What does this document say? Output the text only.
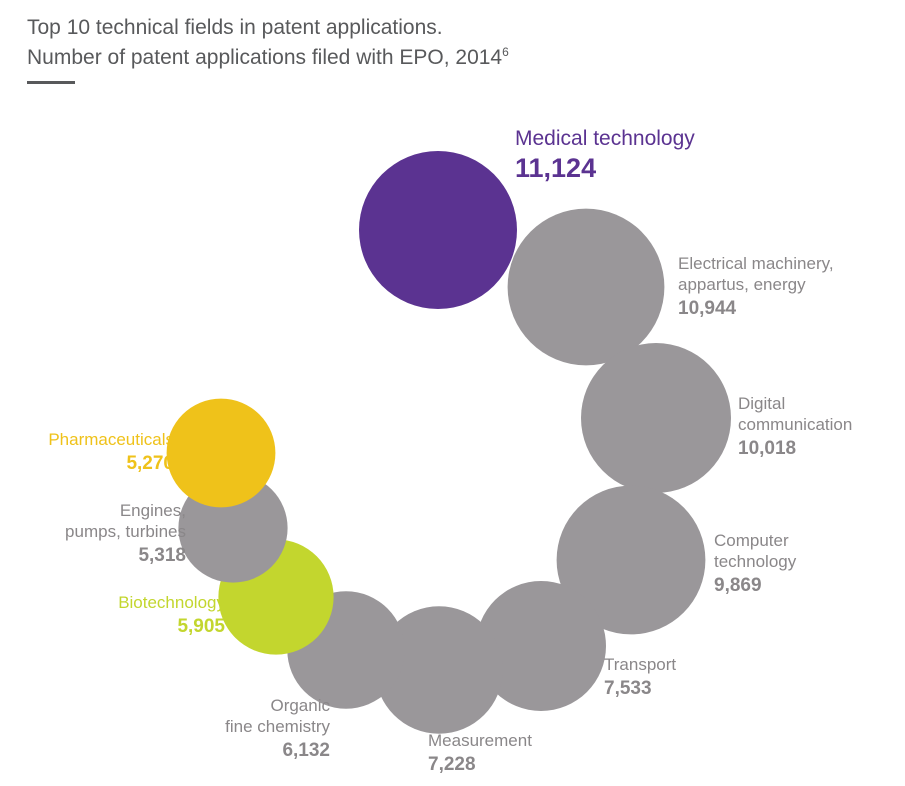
Top 10 technical fields in patent applications.
Number of patent applications filed with EPO, 2014$^6$
Medical technology
11,124
Electrical machinery,
appartus, energy
10,944
Digital
communication
10,018
Computer
technology
9,869
Transport
7,533
Measurement
7,228
Organic
fine chemistry
6,132
Biotechnology
5,905
Engines,
pumps, turbines
5,318
Pharmaceuticals
5,270
